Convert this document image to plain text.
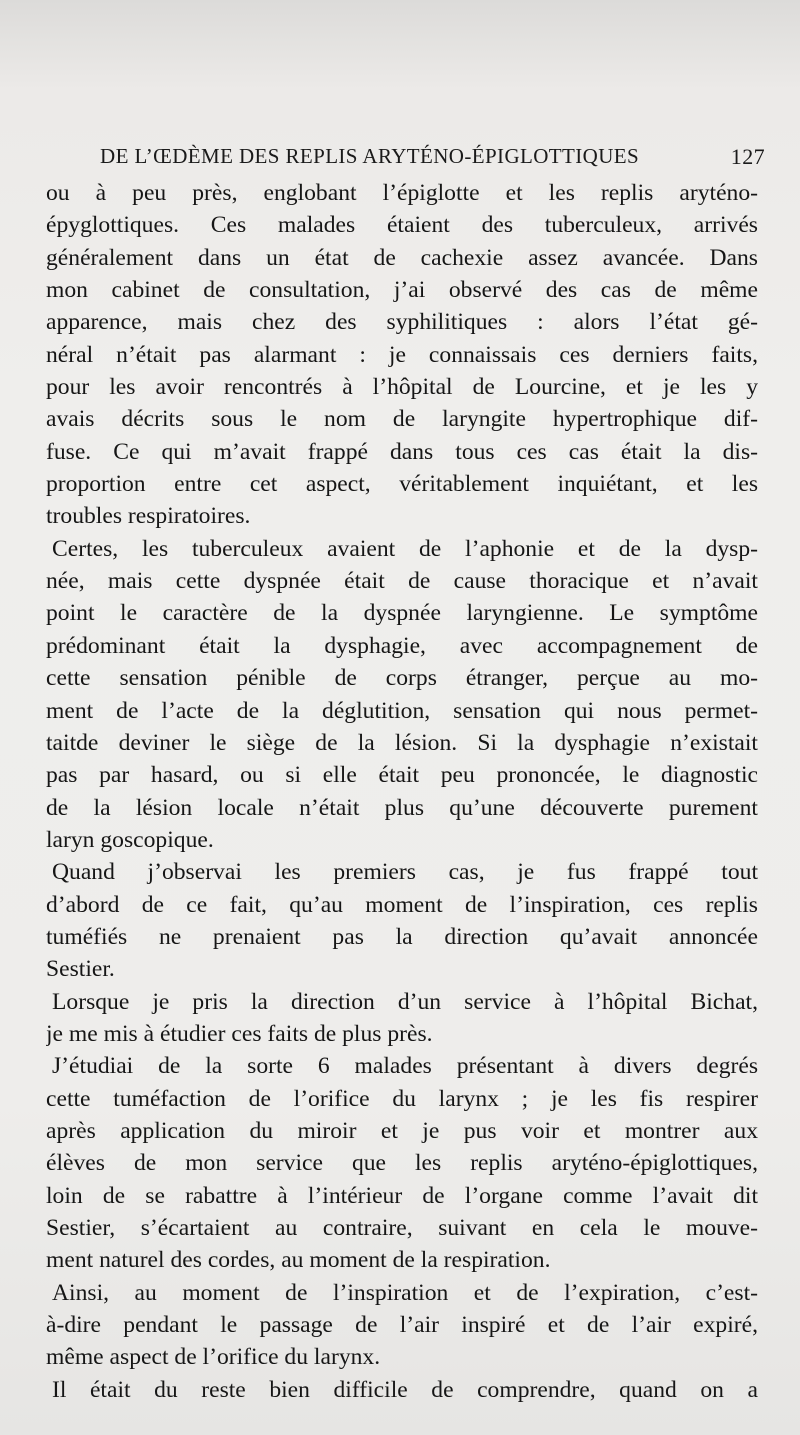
DE L’ŒDÈME DES REPLIS ARYTÉNO-ÉPIGLOTTIQUES	127
ou à peu près, englobant l’épiglotte et les replis aryténo-
épyglottiques. Ces malades étaient des tuberculeux, arrivés
généralement dans un état de cachexie assez avancée. Dans
mon cabinet de consultation, j’ai observé des cas de même
apparence, mais chez des syphilitiques : alors l’état gé-
néral n’était pas alarmant : je connaissais ces derniers faits,
pour les avoir rencontrés à l’hôpital de Lourcine, et je les y
avais décrits sous le nom de laryngite hypertrophique dif-
fuse. Ce qui m’avait frappé dans tous ces cas était la dis-
proportion entre cet aspect, véritablement inquiétant, et les
troubles respiratoires.
Certes, les tuberculeux avaient de l’aphonie et de la dysp-
née, mais cette dyspnée était de cause thoracique et n’avait
point le caractère de la dyspnée laryngienne. Le symptôme
prédominant était la dysphagie, avec accompagnement de
cette sensation pénible de corps étranger, perçue au mo-
ment de l’acte de la déglutition, sensation qui nous permet-
taitde deviner le siège de la lésion. Si la dysphagie n’existait
pas par hasard, ou si elle était peu prononcée, le diagnostic
de la lésion locale n’était plus qu’une découverte purement
laryn goscopique.
Quand j’observai les premiers cas, je fus frappé tout
d’abord de ce fait, qu’au moment de l’inspiration, ces replis
tuméfiés ne prenaient pas la direction qu’avait annoncée
Sestier.
Lorsque je pris la direction d’un service à l’hôpital Bichat,
je me mis à étudier ces faits de plus près.
J’étudiai de la sorte 6 malades présentant à divers degrés
cette tuméfaction de l’orifice du larynx ; je les fis respirer
après application du miroir et je pus voir et montrer aux
élèves de mon service que les replis aryténo-épiglottiques,
loin de se rabattre à l’intérieur de l’organe comme l’avait dit
Sestier, s’écartaient au contraire, suivant en cela le mouve-
ment naturel des cordes, au moment de la respiration.
Ainsi, au moment de l’inspiration et de l’expiration, c’est-
à-dire pendant le passage de l’air inspiré et de l’air expiré,
même aspect de l’orifice du larynx.
Il était du reste bien difficile de comprendre, quand on a
